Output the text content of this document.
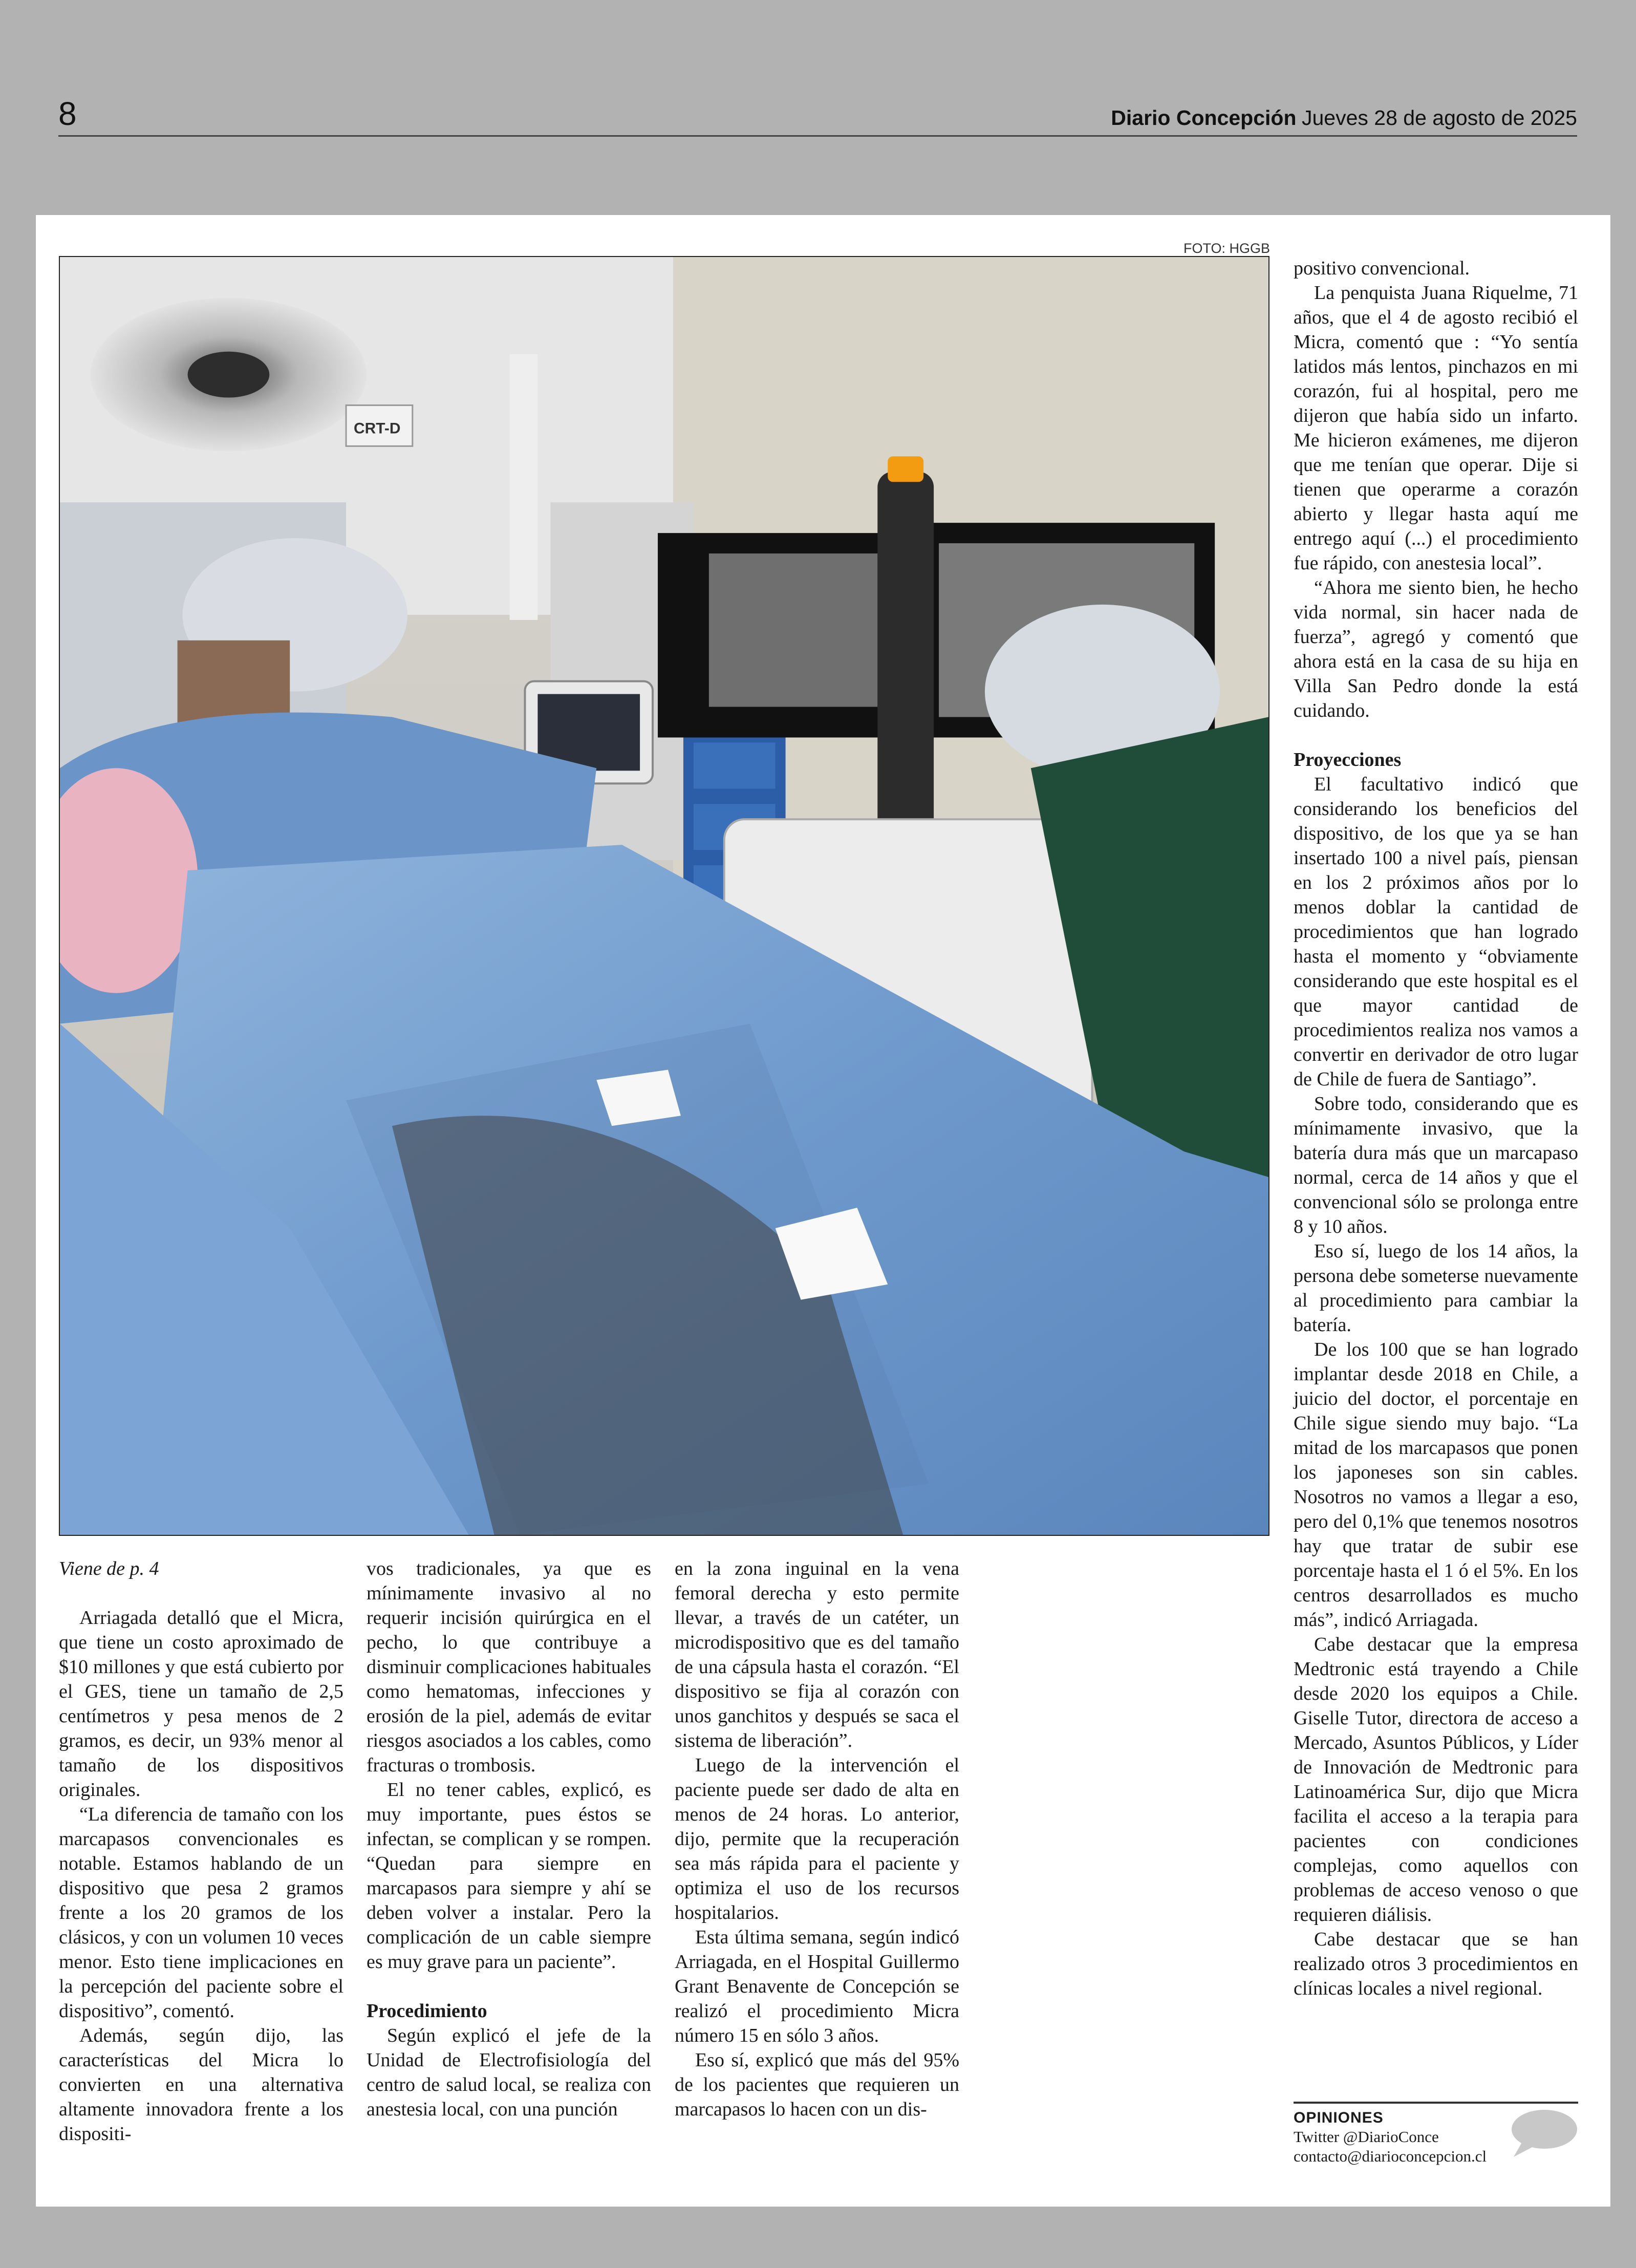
8	Diario Concepción Jueves 28 de agosto de 2025
FOTO: HGGB
CRT-D

Viene de p. 4

Arriagada detalló que el Micra, que tiene un costo aproximado de $10 millones y que está cubierto por el GES, tiene un tamaño de 2,5 centímetros y pesa menos de 2 gramos, es decir, un 93% menor al tamaño de los dispositivos originales.

“La diferencia de tamaño con los marcapasos convencionales es notable. Estamos hablando de un dispositivo que pesa 2 gramos frente a los 20 gramos de los clásicos, y con un volumen 10 veces menor. Esto tiene implicaciones en la percepción del paciente sobre el dispositivo”, comentó.

Además, según dijo, las características del Micra lo convierten en una alternativa altamente innovadora frente a los dispositi-

vos tradicionales, ya que es mínimamente invasivo al no requerir incisión quirúrgica en el pecho, lo que contribuye a disminuir complicaciones habituales como hematomas, infecciones y erosión de la piel, además de evitar riesgos asociados a los cables, como fracturas o trombosis.

El no tener cables, explicó, es muy importante, pues éstos se infectan, se complican y se rompen. “Quedan para siempre en marcapasos para siempre y ahí se deben volver a instalar. Pero la complicación de un cable siempre es muy grave para un paciente”.

Procedimiento

Según explicó el jefe de la Unidad de Electrofisiología del centro de salud local, se realiza con anestesia local, con una punción

en la zona inguinal en la vena femoral derecha y esto permite llevar, a través de un catéter, un microdispositivo que es del tamaño de una cápsula hasta el corazón. “El dispositivo se fija al corazón con unos ganchitos y después se saca el sistema de liberación”.

Luego de la intervención el paciente puede ser dado de alta en menos de 24 horas. Lo anterior, dijo, permite que la recuperación sea más rápida para el paciente y optimiza el uso de los recursos hospitalarios.

Esta última semana, según indicó Arriagada, en el Hospital Guillermo Grant Benavente de Concepción se realizó el procedimiento Micra número 15 en sólo 3 años.

Eso sí, explicó que más del 95% de los pacientes que requieren un marcapasos lo hacen con un dis-

positivo convencional.

La penquista Juana Riquelme, 71 años, que el 4 de agosto recibió el Micra, comentó que : “Yo sentía latidos más lentos, pinchazos en mi corazón, fui al hospital, pero me dijeron que había sido un infarto. Me hicieron exámenes, me dijeron que me tenían que operar. Dije si tienen que operarme a corazón abierto y llegar hasta aquí me entrego aquí (...) el procedimiento fue rápido, con anestesia local”.

“Ahora me siento bien, he hecho vida normal, sin hacer nada de fuerza”, agregó y comentó que ahora está en la casa de su hija en Villa San Pedro donde la está cuidando.

Proyecciones

El facultativo indicó que considerando los beneficios del dispositivo, de los que ya se han insertado 100 a nivel país, piensan en los 2 próximos años por lo menos doblar la cantidad de procedimientos que han logrado hasta el momento y “obviamente considerando que este hospital es el que mayor cantidad de procedimientos realiza nos vamos a convertir en derivador de otro lugar de Chile de fuera de Santiago”.

Sobre todo, considerando que es mínimamente invasivo, que la batería dura más que un marcapaso normal, cerca de 14 años y que el convencional sólo se prolonga entre 8 y 10 años.

Eso sí, luego de los 14 años, la persona debe someterse nuevamente al procedimiento para cambiar la batería.

De los 100 que se han logrado implantar desde 2018 en Chile, a juicio del doctor, el porcentaje en Chile sigue siendo muy bajo. “La mitad de los marcapasos que ponen los japoneses son sin cables. Nosotros no vamos a llegar a eso, pero del 0,1% que tenemos nosotros hay que tratar de subir ese porcentaje hasta el 1 ó el 5%. En los centros desarrollados es mucho más”, indicó Arriagada.

Cabe destacar que la empresa Medtronic está trayendo a Chile desde 2020 los equipos a Chile. Giselle Tutor, directora de acceso a Mercado, Asuntos Públicos, y Líder de Innovación de Medtronic para Latinoamérica Sur, dijo que Micra facilita el acceso a la terapia para pacientes con condiciones complejas, como aquellos con problemas de acceso venoso o que requieren diálisis.

Cabe destacar que se han realizado otros 3 procedimientos en clínicas locales a nivel regional.

OPINIONES
Twitter @DiarioConce
contacto@diarioconcepcion.cl
